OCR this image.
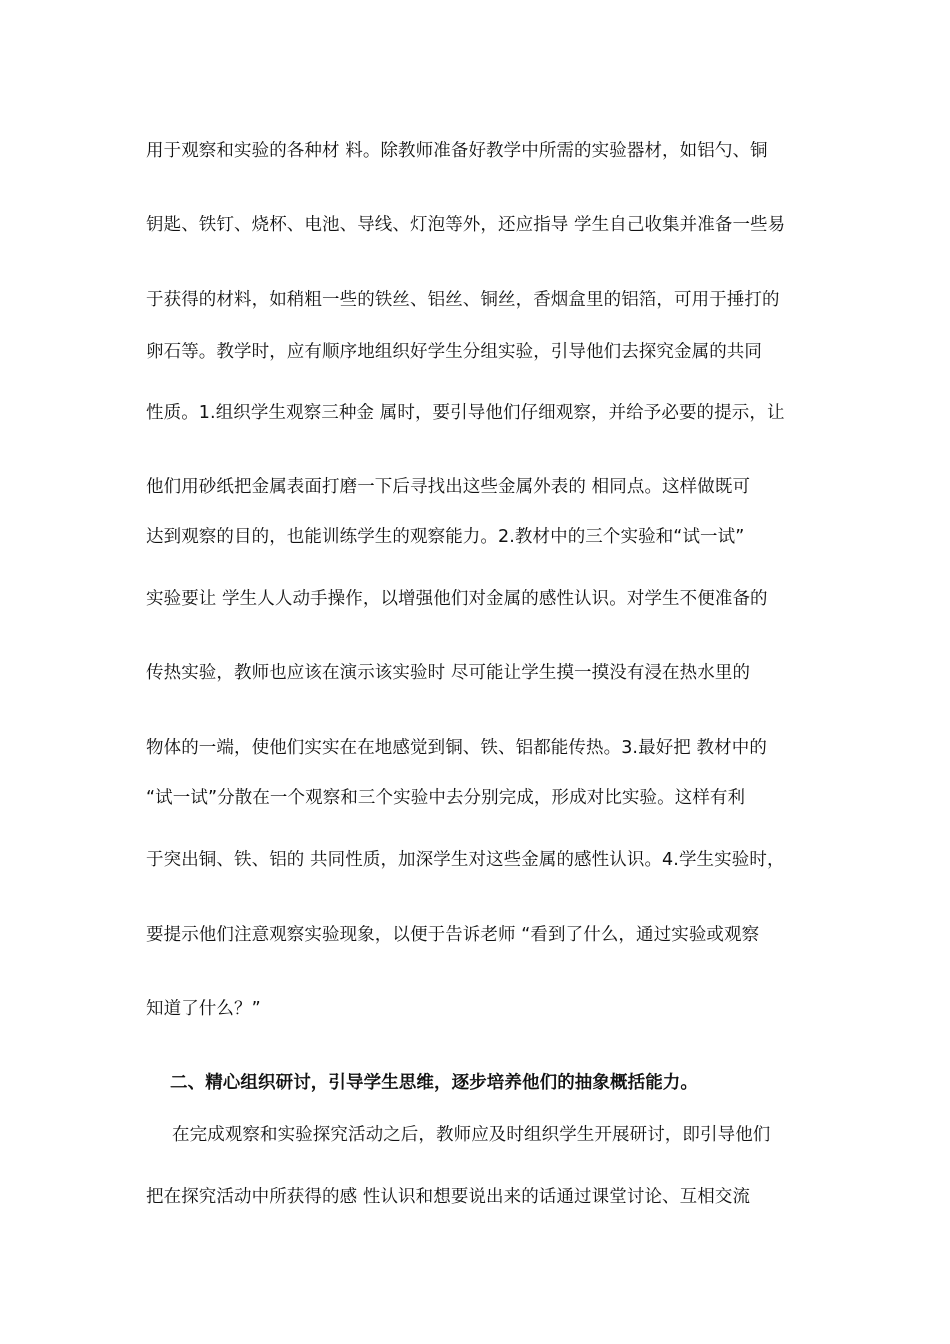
用于观察和实验的各种材 料。除教师准备好教学中所需的实验器材，如铝勺、铜
钥匙、铁钉、烧杯、电池、导线、灯泡等外，还应指导 学生自己收集并准备一些易
于获得的材料，如稍粗一些的铁丝、铝丝、铜丝，香烟盒里的铝箔，可用于捶打的
卵石等。教学时，应有顺序地组织好学生分组实验，引导他们去探究金属的共同
性质。1.组织学生观察三种金 属时，要引导他们仔细观察，并给予必要的提示，让
他们用砂纸把金属表面打磨一下后寻找出这些金属外表的 相同点。这样做既可
达到观察的目的，也能训练学生的观察能力。2.教材中的三个实验和“试一试”
实验要让 学生人人动手操作，以增强他们对金属的感性认识。对学生不便准备的
传热实验，教师也应该在演示该实验时 尽可能让学生摸一摸没有浸在热水里的
物体的一端，使他们实实在在地感觉到铜、铁、铝都能传热。3.最好把 教材中的
“试一试”分散在一个观察和三个实验中去分别完成，形成对比实验。这样有利
于突出铜、铁、铝的 共同性质，加深学生对这些金属的感性认识。4.学生实验时，
要提示他们注意观察实验现象，以便于告诉老师 “看到了什么，通过实验或观察
知道了什么？”
二、精心组织研讨，引导学生思维，逐步培养他们的抽象概括能力。
在完成观察和实验探究活动之后，教师应及时组织学生开展研讨，即引导他们
把在探究活动中所获得的感 性认识和想要说出来的话通过课堂讨论、互相交流
